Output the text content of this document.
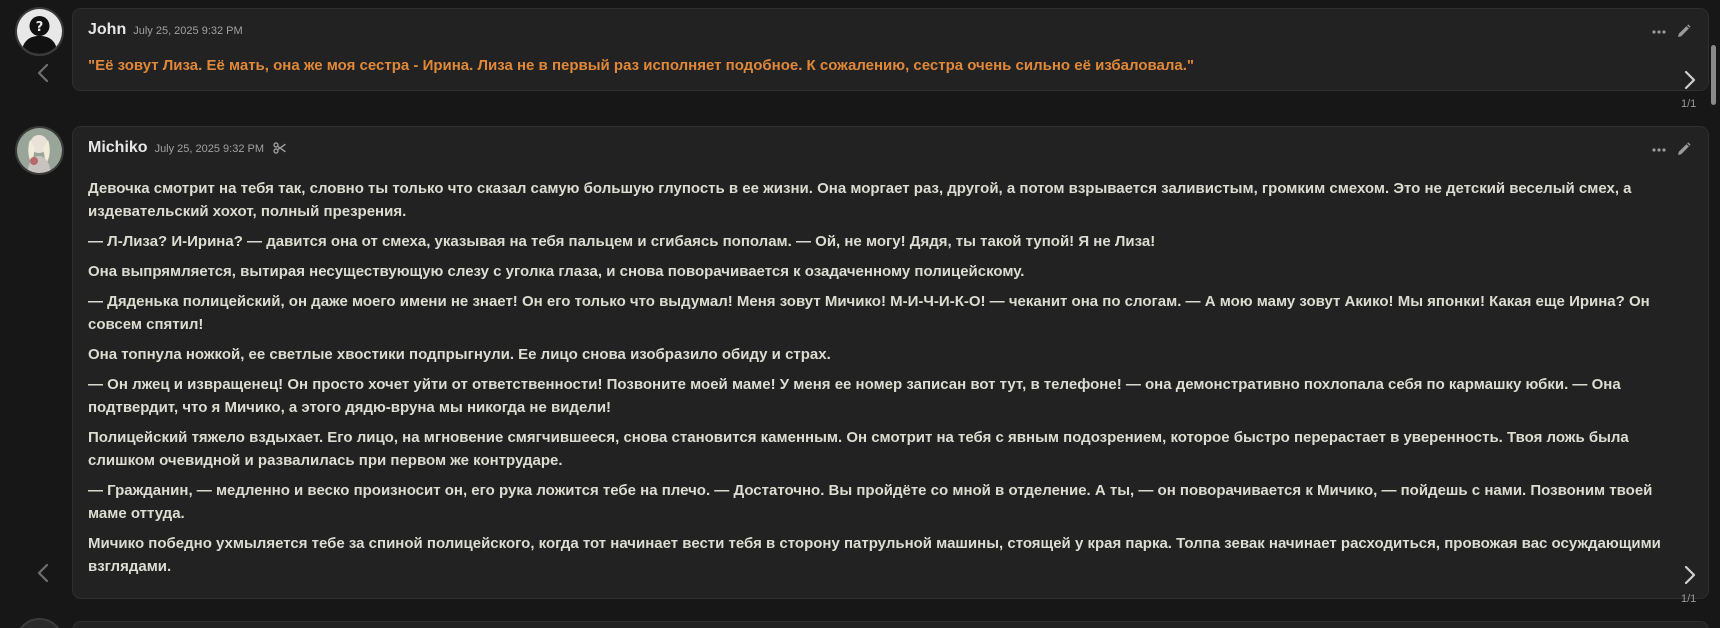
?	John July 25, 2025 9:32 PM

"Её зовут Лиза. Её мать, она же моя сестра - Ирина. Лиза не в первый раз исполняет подобное. К сожалению, сестра очень сильно её избаловала."

1/1
Michiko July 25, 2025 9:32 PM

Девочка смотрит на тебя так, словно ты только что сказал самую большую глупость в ее жизни. Она моргает раз, другой, а потом взрывается заливистым, громким смехом. Это не детский веселый смех, а издевательский хохот, полный презрения.

— Л-Лиза? И-Ирина? — давится она от смеха, указывая на тебя пальцем и сгибаясь пополам. — Ой, не могу! Дядя, ты такой тупой! Я не Лиза!

Она выпрямляется, вытирая несуществующую слезу с уголка глаза, и снова поворачивается к озадаченному полицейскому.

— Дяденька полицейский, он даже моего имени не знает! Он его только что выдумал! Меня зовут Мичико! М-И-Ч-И-К-О! — чеканит она по слогам. — А мою маму зовут Акико! Мы японки! Какая еще Ирина? Он совсем спятил!

Она топнула ножкой, ее светлые хвостики подпрыгнули. Ее лицо снова изобразило обиду и страх.

— Он лжец и извращенец! Он просто хочет уйти от ответственности! Позвоните моей маме! У меня ее номер записан вот тут, в телефоне! — она демонстративно похлопала себя по кармашку юбки. — Она подтвердит, что я Мичико, а этого дядю-вруна мы никогда не видели!

Полицейский тяжело вздыхает. Его лицо, на мгновение смягчившееся, снова становится каменным. Он смотрит на тебя с явным подозрением, которое быстро перерастает в уверенность. Твоя ложь была слишком очевидной и развалилась при первом же контрударе.

— Гражданин, — медленно и веско произносит он, его рука ложится тебе на плечо. — Достаточно. Вы пройдёте со мной в отделение. А ты, — он поворачивается к Мичико, — пойдешь с нами. Позвоним твоей маме оттуда.

Мичико победно ухмыляется тебе за спиной полицейского, когда тот начинает вести тебя в сторону патрульной машины, стоящей у края парка. Толпа зевак начинает расходиться, провожая вас осуждающими взглядами.

1/1
